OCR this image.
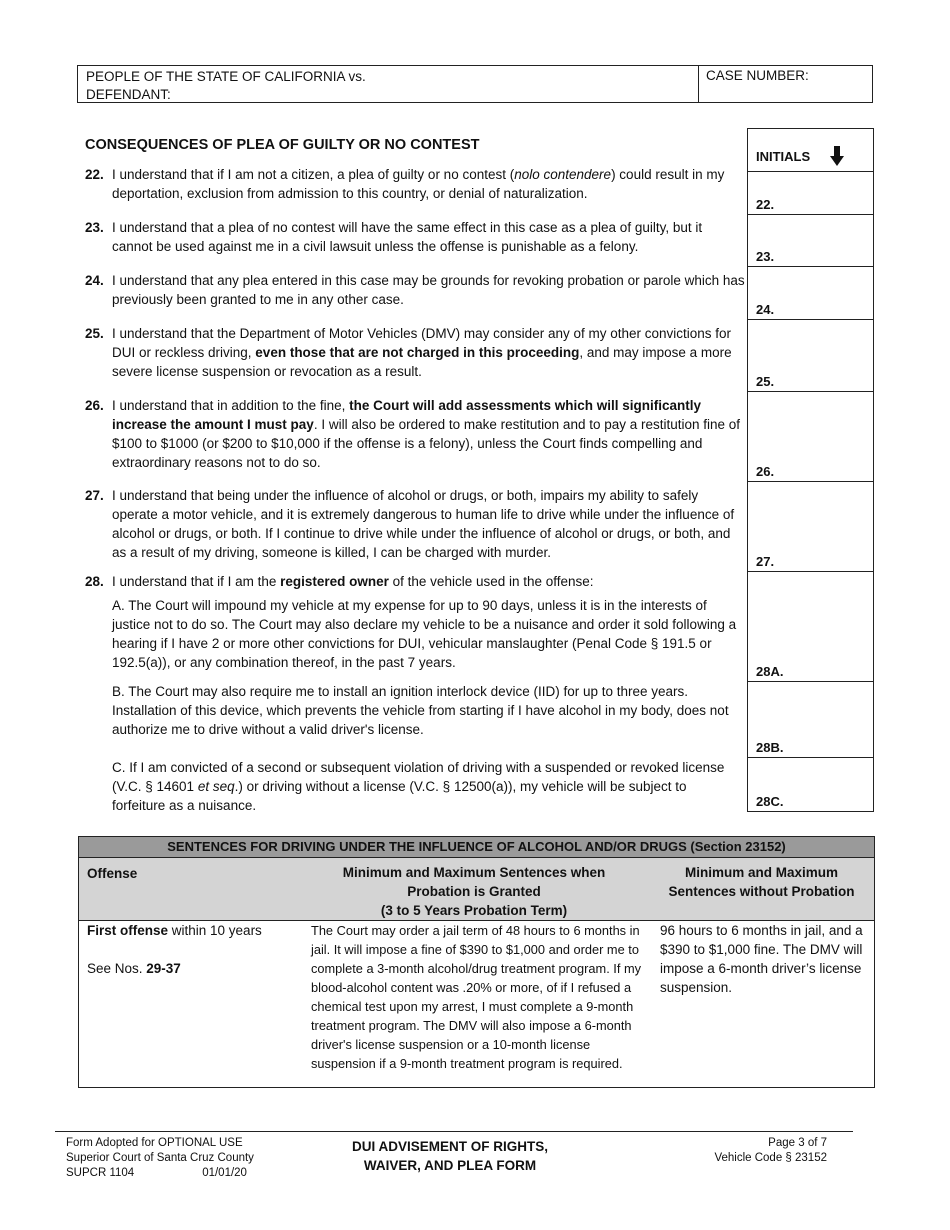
PEOPLE OF THE STATE OF CALIFORNIA vs.
DEFENDANT:
CASE NUMBER:
CONSEQUENCES OF PLEA OF GUILTY OR NO CONTEST
INITIALS
22.
23.
24.
25.
26.
27.
28A.
28B.
28C.
22. I understand that if I am not a citizen, a plea of guilty or no contest (nolo contendere) could result in my deportation, exclusion from admission to this country, or denial of naturalization.
23. I understand that a plea of no contest will have the same effect in this case as a plea of guilty, but it cannot be used against me in a civil lawsuit unless the offense is punishable as a felony.
24. I understand that any plea entered in this case may be grounds for revoking probation or parole which has previously been granted to me in any other case.
25. I understand that the Department of Motor Vehicles (DMV) may consider any of my other convictions for DUI or reckless driving, even those that are not charged in this proceeding, and may impose a more severe license suspension or revocation as a result.
26. I understand that in addition to the fine, the Court will add assessments which will significantly increase the amount I must pay. I will also be ordered to make restitution and to pay a restitution fine of $100 to $1000 (or $200 to $10,000 if the offense is a felony), unless the Court finds compelling and extraordinary reasons not to do so.
27. I understand that being under the influence of alcohol or drugs, or both, impairs my ability to safely operate a motor vehicle, and it is extremely dangerous to human life to drive while under the influence of alcohol or drugs, or both. If I continue to drive while under the influence of alcohol or drugs, or both, and as a result of my driving, someone is killed, I can be charged with murder.
28. I understand that if I am the registered owner of the vehicle used in the offense:
A. The Court will impound my vehicle at my expense for up to 90 days, unless it is in the interests of justice not to do so. The Court may also declare my vehicle to be a nuisance and order it sold following a hearing if I have 2 or more other convictions for DUI, vehicular manslaughter (Penal Code § 191.5 or 192.5(a)), or any combination thereof, in the past 7 years.
B. The Court may also require me to install an ignition interlock device (IID) for up to three years. Installation of this device, which prevents the vehicle from starting if I have alcohol in my body, does not authorize me to drive without a valid driver's license.
C. If I am convicted of a second or subsequent violation of driving with a suspended or revoked license (V.C. § 14601 et seq.) or driving without a license (V.C. § 12500(a)), my vehicle will be subject to forfeiture as a nuisance.
SENTENCES FOR DRIVING UNDER THE INFLUENCE OF ALCOHOL AND/OR DRUGS (Section 23152)
Offense	Minimum and Maximum Sentences when
Probation is Granted
(3 to 5 Years Probation Term)
Minimum and Maximum
Sentences without Probation
First offense within 10 years
See Nos. 29-37
The Court may order a jail term of 48 hours to 6 months in jail. It will impose a fine of $390 to $1,000 and order me to complete a 3-month alcohol/drug treatment program. If my blood-alcohol content was .20% or more, of if I refused a chemical test upon my arrest, I must complete a 9-month treatment program. The DMV will also impose a 6-month driver's license suspension or a 10-month license suspension if a 9-month treatment program is required.
96 hours to 6 months in jail, and a $390 to $1,000 fine. The DMV will impose a 6-month driver’s license suspension.
Form Adopted for OPTIONAL USE
Superior Court of Santa Cruz County
SUPCR 1104	01/01/20
DUI ADVISEMENT OF RIGHTS,
WAIVER, AND PLEA FORM
Page 3 of 7
Vehicle Code § 23152
